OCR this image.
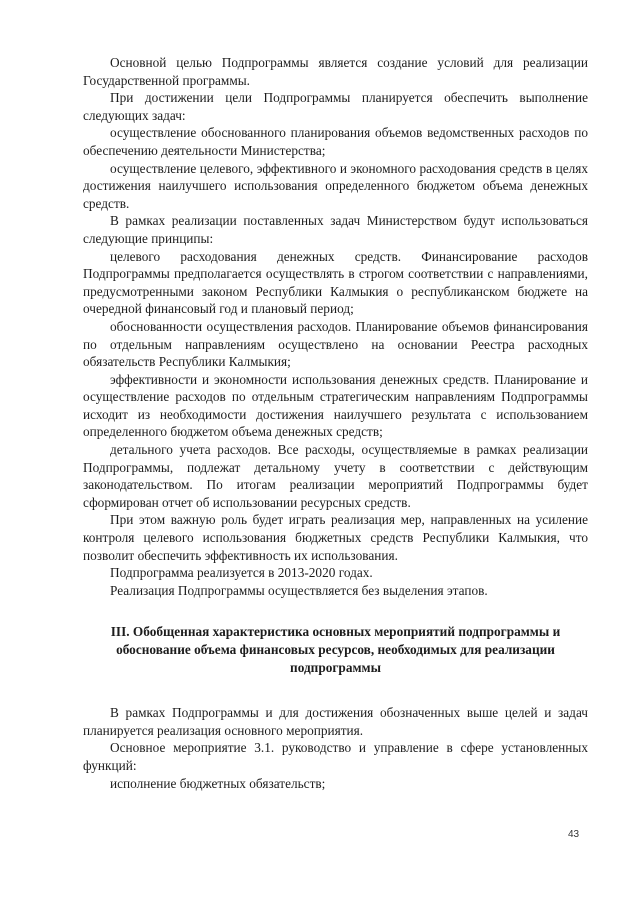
Основной целью Подпрограммы является создание условий для реализации Государственной программы.

При достижении цели Подпрограммы планируется обеспечить выполнение следующих задач:

осуществление обоснованного планирования объемов ведомственных расходов по обеспечению деятельности Министерства;

осуществление целевого, эффективного и экономного расходования средств в целях достижения наилучшего использования определенного бюджетом объема денежных средств.

В рамках реализации поставленных задач Министерством будут использоваться следующие принципы:

целевого расходования денежных средств. Финансирование расходов Подпрограммы предполагается осуществлять в строгом соответствии с направлениями, предусмотренными законом Республики Калмыкия о республиканском бюджете на очередной финансовый год и плановый период;

обоснованности осуществления расходов. Планирование объемов финансирования по отдельным направлениям осуществлено на основании Реестра расходных обязательств Республики Калмыкия;

эффективности и экономности использования денежных средств. Планирование и осуществление расходов по отдельным стратегическим направлениям Подпрограммы исходит из необходимости достижения наилучшего результата с использованием определенного бюджетом объема денежных средств;

детального учета расходов. Все расходы, осуществляемые в рамках реализации Подпрограммы, подлежат детальному учету в соответствии с действующим законодательством. По итогам реализации мероприятий Подпрограммы будет сформирован отчет об использовании ресурсных средств.

При этом важную роль будет играть реализация мер, направленных на усиление контроля целевого использования бюджетных средств Республики Калмыкия, что позволит обеспечить эффективность их использования.

Подпрограмма реализуется в 2013-2020 годах.

Реализация Подпрограммы осуществляется без выделения этапов.

III. Обобщенная характеристика основных мероприятий подпрограммы и обоснование объема финансовых ресурсов, необходимых для реализации подпрограммы

В рамках Подпрограммы и для достижения обозначенных выше целей и задач планируется реализация основного мероприятия.

Основное мероприятие 3.1. руководство и управление в сфере установленных функций:

исполнение бюджетных обязательств;

43
